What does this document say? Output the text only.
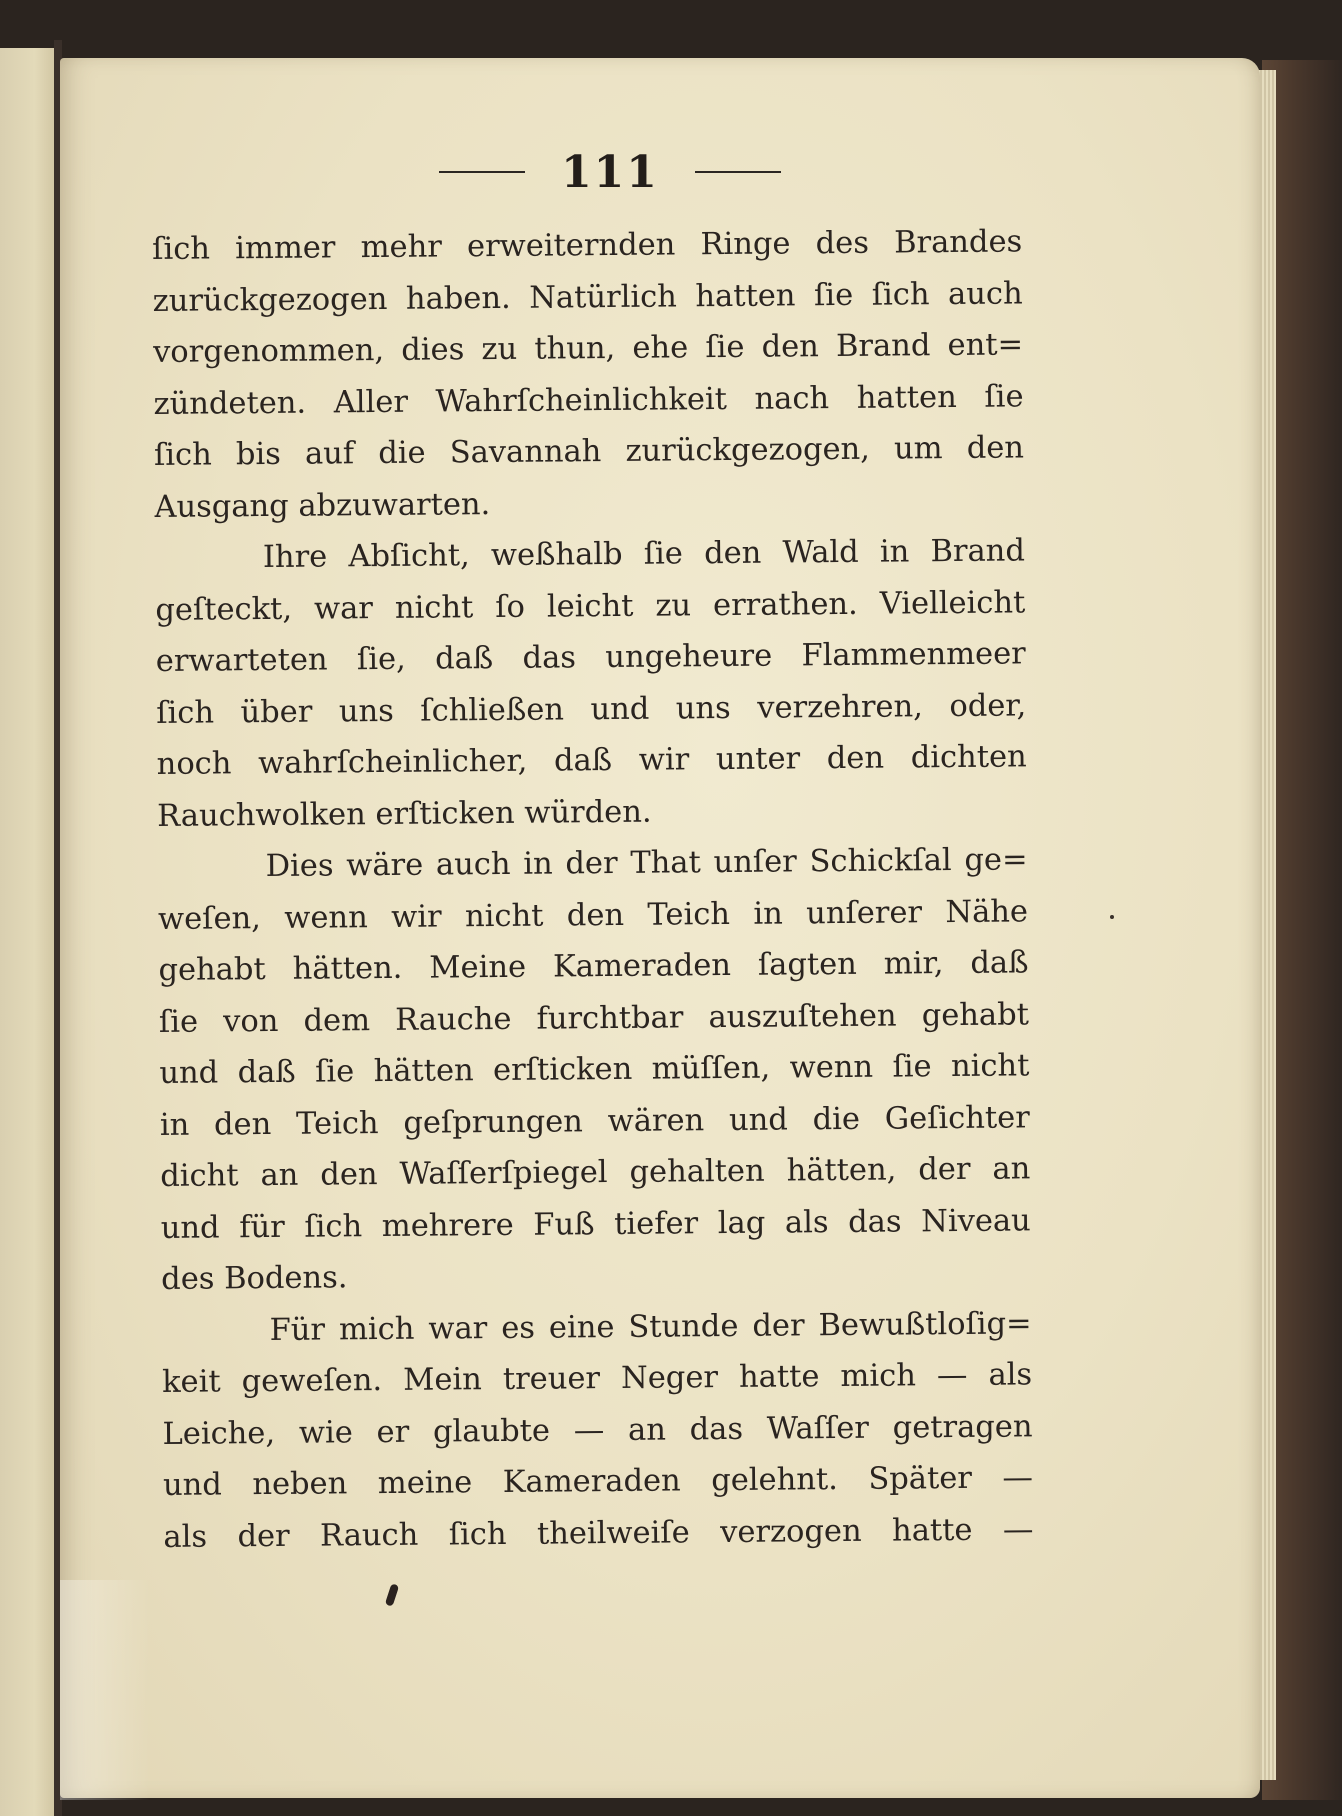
111
ſich immer mehr erweiternden Ringe des Brandes
zurückgezogen haben. Natürlich hatten ſie ſich auch
vorgenommen, dies zu thun, ehe ſie den Brand ent=
zündeten. Aller Wahrſcheinlichkeit nach hatten ſie
ſich bis auf die Savannah zurückgezogen, um den
Ausgang abzuwarten.
Ihre Abſicht, weßhalb ſie den Wald in Brand
geſteckt, war nicht ſo leicht zu errathen. Vielleicht
erwarteten ſie, daß das ungeheure Flammenmeer
ſich über uns ſchließen und uns verzehren, oder,
noch wahrſcheinlicher, daß wir unter den dichten
Rauchwolken erſticken würden.
Dies wäre auch in der That unſer Schickſal ge=
weſen, wenn wir nicht den Teich in unſerer Nähe
gehabt hätten. Meine Kameraden ſagten mir, daß
ſie von dem Rauche furchtbar auszuſtehen gehabt
und daß ſie hätten erſticken müſſen, wenn ſie nicht
in den Teich geſprungen wären und die Geſichter
dicht an den Waſſerſpiegel gehalten hätten, der an
und für ſich mehrere Fuß tiefer lag als das Niveau
des Bodens.
Für mich war es eine Stunde der Bewußtloſig=
keit geweſen. Mein treuer Neger hatte mich — als
Leiche, wie er glaubte — an das Waſſer getragen
und neben meine Kameraden gelehnt. Später —
als der Rauch ſich theilweiſe verzogen hatte —
